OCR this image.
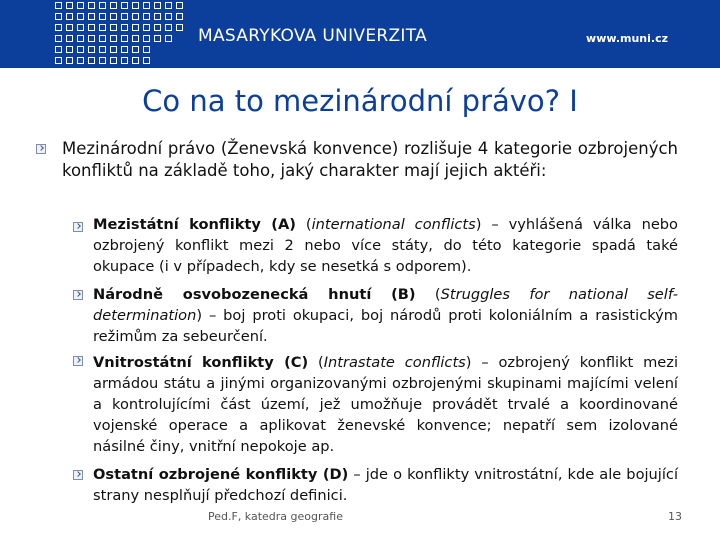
MASARYKOVA UNIVERZITA	www.muni.cz
Co na to mezinárodní právo? I

Mezinárodní právo (Ženevská konvence) rozlišuje 4 kategorie ozbrojených konfliktů na základě toho, jaký charakter mají jejich aktéři:

Mezistátní konflikty (A) (international conflicts) – vyhlášená válka nebo ozbrojený konflikt mezi 2 nebo více státy, do této kategorie spadá také okupace (i v případech, kdy se nesetká s odporem).

Národně osvobozenecká hnutí (B) (Struggles for national self-determination) – boj proti okupaci, boj národů proti koloniálním a rasistickým režimům za sebeurčení.

Vnitrostátní konflikty (C) (Intrastate conflicts) – ozbrojený konflikt mezi armádou státu a jinými organizovanými ozbrojenými skupinami majícími velení a kontrolujícími část území, jež umožňuje provádět trvalé a koordinované vojenské operace a aplikovat ženevské konvence; nepatří sem izolované násilné činy, vnitřní nepokoje ap.

Ostatní ozbrojené konflikty (D) – jde o konflikty vnitrostátní, kde ale bojující strany nesplňují předchozí definici.

Ped.F, katedra geografie	13
